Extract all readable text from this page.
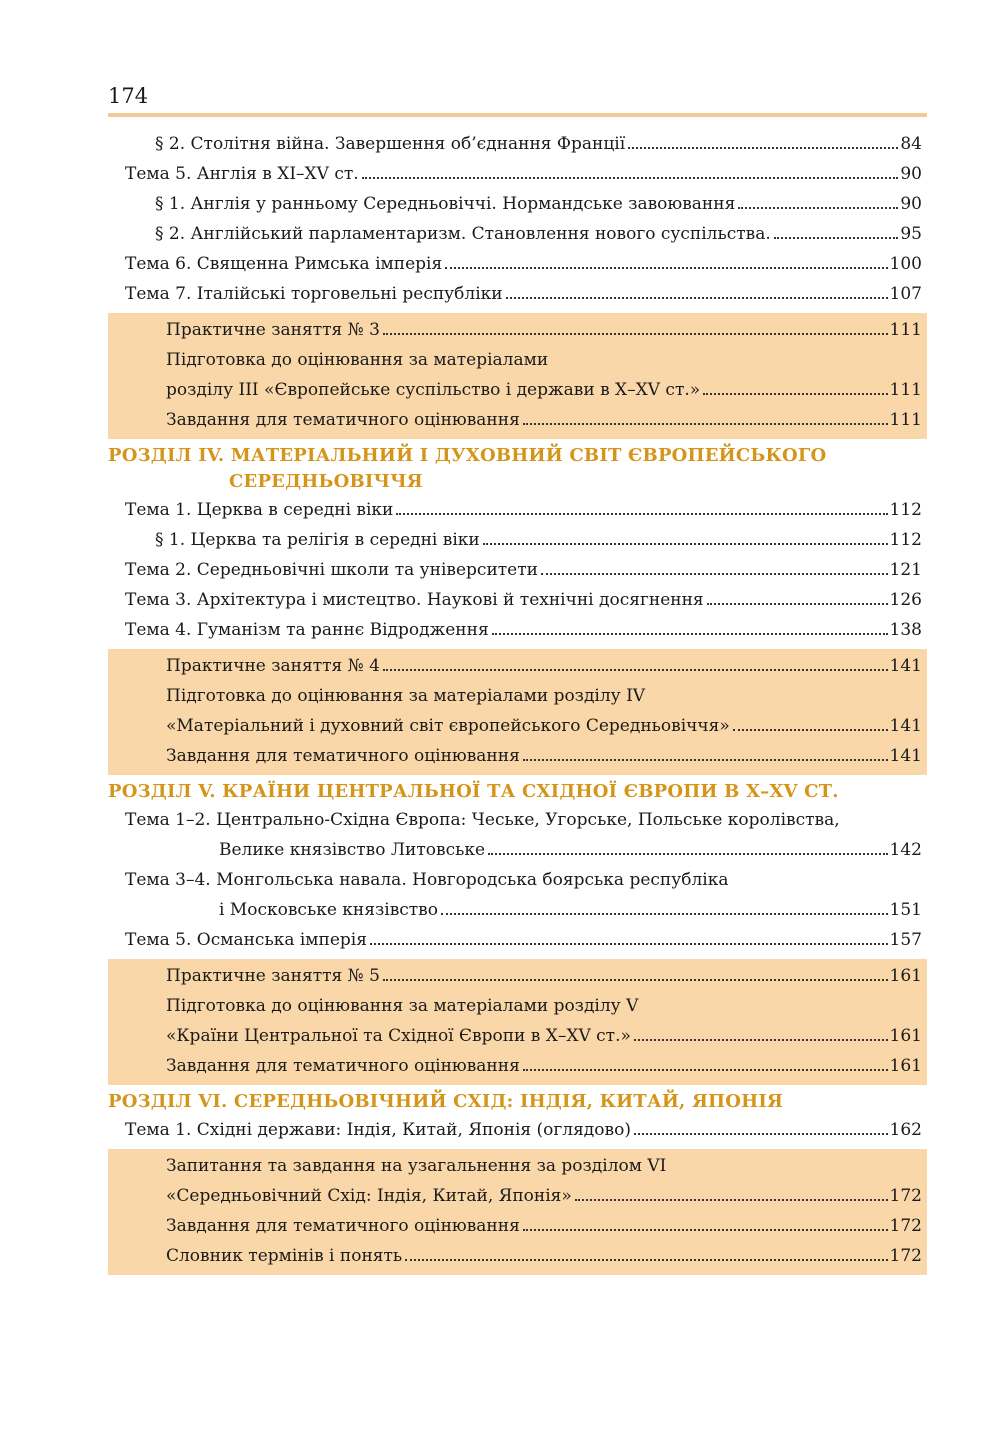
174
§ 2. Столітня війна. Завершення об’єднання Франції	84
Тема 5. Англія в XI–XV ст.	90
§ 1. Англія у ранньому Середньовіччі. Нормандське завоювання	90
§ 2. Англійський парламентаризм. Становлення нового суспільства.	95
Тема 6. Священна Римська імперія	100
Тема 7. Італійські торговельні республіки	107
Практичне заняття № 3	111
Підготовка до оцінювання за матеріалами
розділу III «Європейське суспільство і держави в X–XV ст.»	111
Завдання для тематичного оцінювання	111
РОЗДІЛ IV. МАТЕРІАЛЬНИЙ І ДУХОВНИЙ СВІТ ЄВРОПЕЙСЬКОГО
СЕРЕДНЬОВІЧЧЯ
Тема 1. Церква в середні віки	112
§ 1. Церква та релігія в середні віки	112
Тема 2. Середньовічні школи та університети	121
Тема 3. Архітектура і мистецтво. Наукові й технічні досягнення	126
Тема 4. Гуманізм та раннє Відродження	138
Практичне заняття № 4	141
Підготовка до оцінювання за матеріалами розділу IV
«Матеріальний і духовний світ європейського Середньовіччя»	141
Завдання для тематичного оцінювання	141
РОЗДІЛ V. КРАЇНИ ЦЕНТРАЛЬНОЇ ТА СХІДНОЇ ЄВРОПИ В X–XV СТ.
Тема 1–2. Центрально-Східна Європа: Чеське, Угорське, Польське королівства,
Велике князівство Литовське	142
Тема 3–4. Монгольська навала. Новгородська боярська республіка
і Московське князівство	151
Тема 5. Османська імперія	157
Практичне заняття № 5	161
Підготовка до оцінювання за матеріалами розділу V
«Країни Центральної та Східної Європи в X–XV ст.»	161
Завдання для тематичного оцінювання	161
РОЗДІЛ VI. СЕРЕДНЬОВІЧНИЙ СХІД: ІНДІЯ, КИТАЙ, ЯПОНІЯ
Тема 1. Східні держави: Індія, Китай, Японія (оглядово)	162
Запитання та завдання на узагальнення за розділом VI
«Середньовічний Схід: Індія, Китай, Японія»	172
Завдання для тематичного оцінювання	172
Словник термінів і понять	172
